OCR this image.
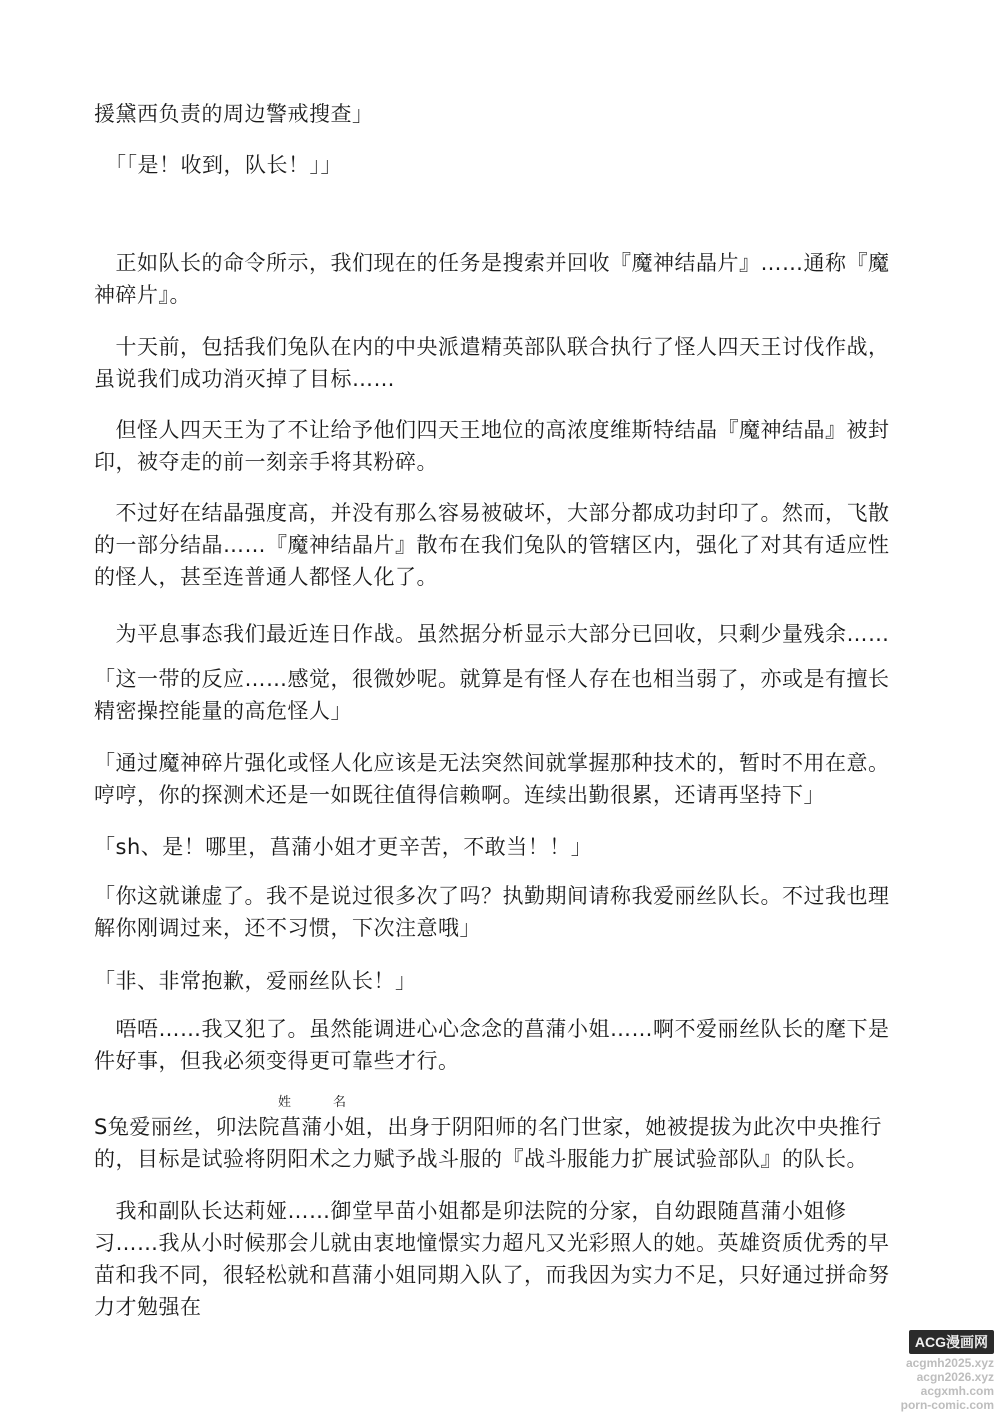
援黛西负责的周边警戒搜查」

　「「是！收到，队长！」」

　正如队长的命令所示，我们现在的任务是搜索并回收『魔神结晶片』……通称『魔神碎片』。

　十天前，包括我们兔队在内的中央派遣精英部队联合执行了怪人四天王讨伐作战，虽说我们成功消灭掉了目标……

　但怪人四天王为了不让给予他们四天王地位的高浓度维斯特结晶『魔神结晶』被封印，被夺走的前一刻亲手将其粉碎。

　不过好在结晶强度高，并没有那么容易被破坏，大部分都成功封印了。然而，飞散的一部分结晶……『魔神结晶片』散布在我们兔队的管辖区内，强化了对其有适应性的怪人，甚至连普通人都怪人化了。

　为平息事态我们最近连日作战。虽然据分析显示大部分已回收，只剩少量残余……

「这一带的反应……感觉，很微妙呢。就算是有怪人存在也相当弱了，亦或是有擅长精密操控能量的高危怪人」

「通过魔神碎片强化或怪人化应该是无法突然间就掌握那种技术的，暂时不用在意。哼哼，你的探测术还是一如既往值得信赖啊。连续出勤很累，还请再坚持下」

「sh、是！哪里，菖蒲小姐才更辛苦，不敢当！！」

「你这就谦虚了。我不是说过很多次了吗？执勤期间请称我爱丽丝队长。不过我也理解你刚调过来，还不习惯，下次注意哦」

「非、非常抱歉，爱丽丝队长！」

　唔唔……我又犯了。虽然能调进心心念念的菖蒲小姐……啊不爱丽丝队长的麾下是件好事，但我必须变得更可靠些才行。

姓	名

S兔爱丽丝，卯法院菖蒲小姐，出身于阴阳师的名门世家，她被提拔为此次中央推行的，目标是试验将阴阳术之力赋予战斗服的『战斗服能力扩展试验部队』的队长。

　我和副队长达莉娅……御堂早苗小姐都是卯法院的分家，自幼跟随菖蒲小姐修习……我从小时候那会儿就由衷地憧憬实力超凡又光彩照人的她。英雄资质优秀的早苗和我不同，很轻松就和菖蒲小姐同期入队了，而我因为实力不足，只好通过拼命努力才勉强在

ACG漫画网
acgmh2025.xyz
acgn2026.xyz
acgxmh.com
porn-comic.com
